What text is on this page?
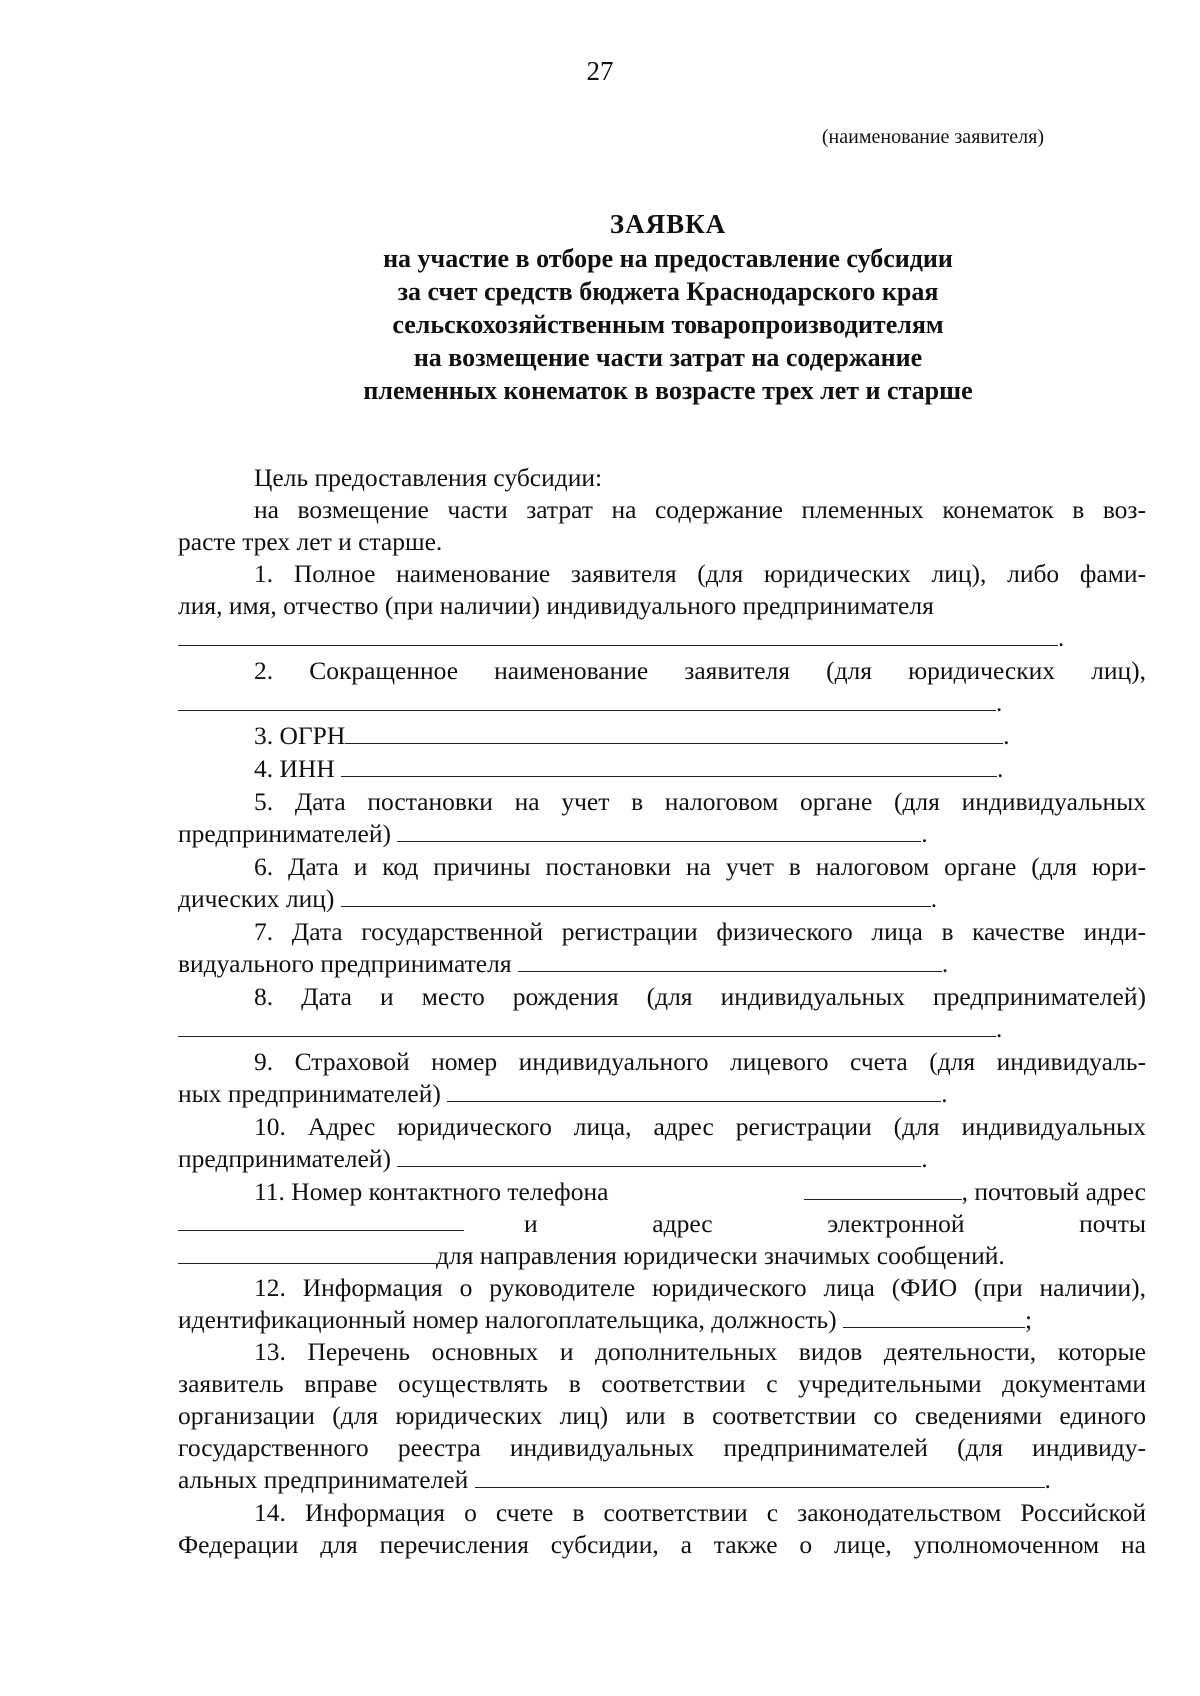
27
(наименование заявителя)
ЗАЯВКА
на участие в отборе на предоставление субсидии
за счет средств бюджета Краснодарского края
сельскохозяйственным товаропроизводителям
на возмещение части затрат на содержание
племенных конематок в возрасте трех лет и старше
Цель предоставления субсидии:
на возмещение части затрат на содержание племенных конематок в воз-
расте трех лет и старше.
1. Полное наименование заявителя (для юридических лиц), либо фами-
лия, имя, отчество (при наличии) индивидуального предпринимателя
.
2. Сокращенное наименование заявителя (для юридических лиц),
.
3. ОГРН	.
4. ИНН	.
5. Дата постановки на учет в налоговом органе (для индивидуальных
предпринимателей)	.
6. Дата и код причины постановки на учет в налоговом органе (для юри-
дических лиц)	.
7. Дата государственной регистрации физического лица в качестве инди-
видуального предпринимателя	.
8. Дата и место рождения (для индивидуальных предпринимателей)
.
9. Страховой номер индивидуального лицевого счета (для индивидуаль-
ных предпринимателей)	.
10. Адрес юридического лица, адрес регистрации (для индивидуальных
предпринимателей)	.
11. Номер контактного телефона	, почтовый адрес
и адрес электронной почты
для направления юридически значимых сообщений.
12. Информация о руководителе юридического лица (ФИО (при наличии),
идентификационный номер налогоплательщика, должность)	;
13. Перечень основных и дополнительных видов деятельности, которые
заявитель вправе осуществлять в соответствии с учредительными документами
организации (для юридических лиц) или в соответствии со сведениями единого
государственного реестра индивидуальных предпринимателей (для индивиду-
альных предпринимателей	.
14. Информация о счете в соответствии с законодательством Российской
Федерации для перечисления субсидии, а также о лице, уполномоченном на
